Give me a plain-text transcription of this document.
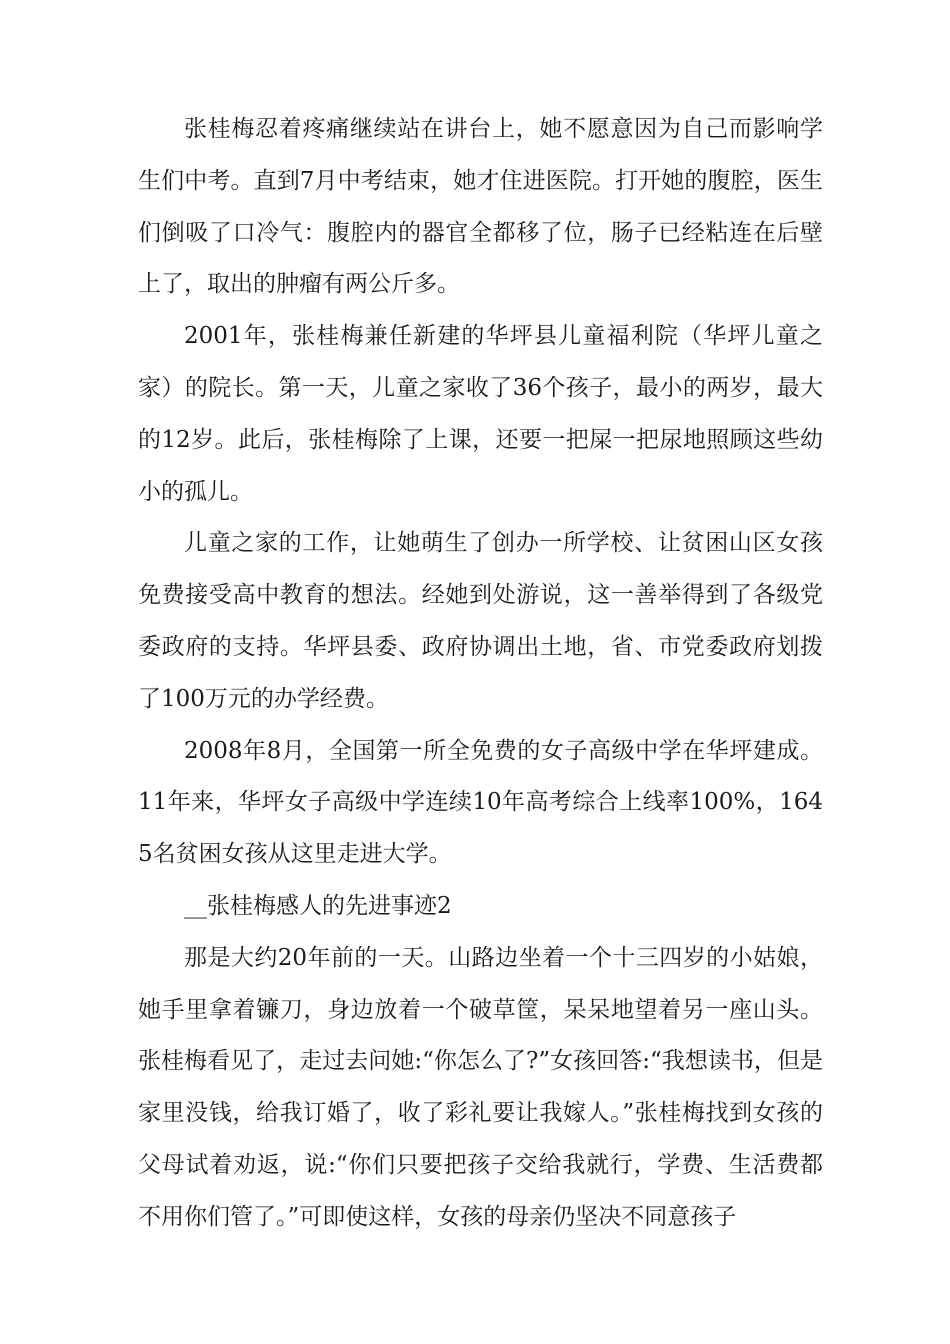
张桂梅忍着疼痛继续站在讲台上，她不愿意因为自己而影响学生们中考。直到7月中考结束，她才住进医院。打开她的腹腔，医生们倒吸了口冷气：腹腔内的器官全都移了位，肠子已经粘连在后壁上了，取出的肿瘤有两公斤多。

2001年，张桂梅兼任新建的华坪县儿童福利院（华坪儿童之家）的院长。第一天，儿童之家收了36个孩子，最小的两岁，最大的12岁。此后，张桂梅除了上课，还要一把屎一把尿地照顾这些幼小的孤儿。

儿童之家的工作，让她萌生了创办一所学校、让贫困山区女孩免费接受高中教育的想法。经她到处游说，这一善举得到了各级党委政府的支持。华坪县委、政府协调出土地，省、市党委政府划拨了100万元的办学经费。

2008年8月，全国第一所全免费的女子高级中学在华坪建成。11年来，华坪女子高级中学连续10年高考综合上线率100%，1645名贫困女孩从这里走进大学。

__张桂梅感人的先进事迹2

那是大约20年前的一天。山路边坐着一个十三四岁的小姑娘，她手里拿着镰刀，身边放着一个破草筐，呆呆地望着另一座山头。张桂梅看见了，走过去问她:“你怎么了?”女孩回答:“我想读书，但是家里没钱，给我订婚了，收了彩礼要让我嫁人。”张桂梅找到女孩的父母试着劝返，说:“你们只要把孩子交给我就行，学费、生活费都不用你们管了。”可即使这样，女孩的母亲仍坚决不同意孩子
